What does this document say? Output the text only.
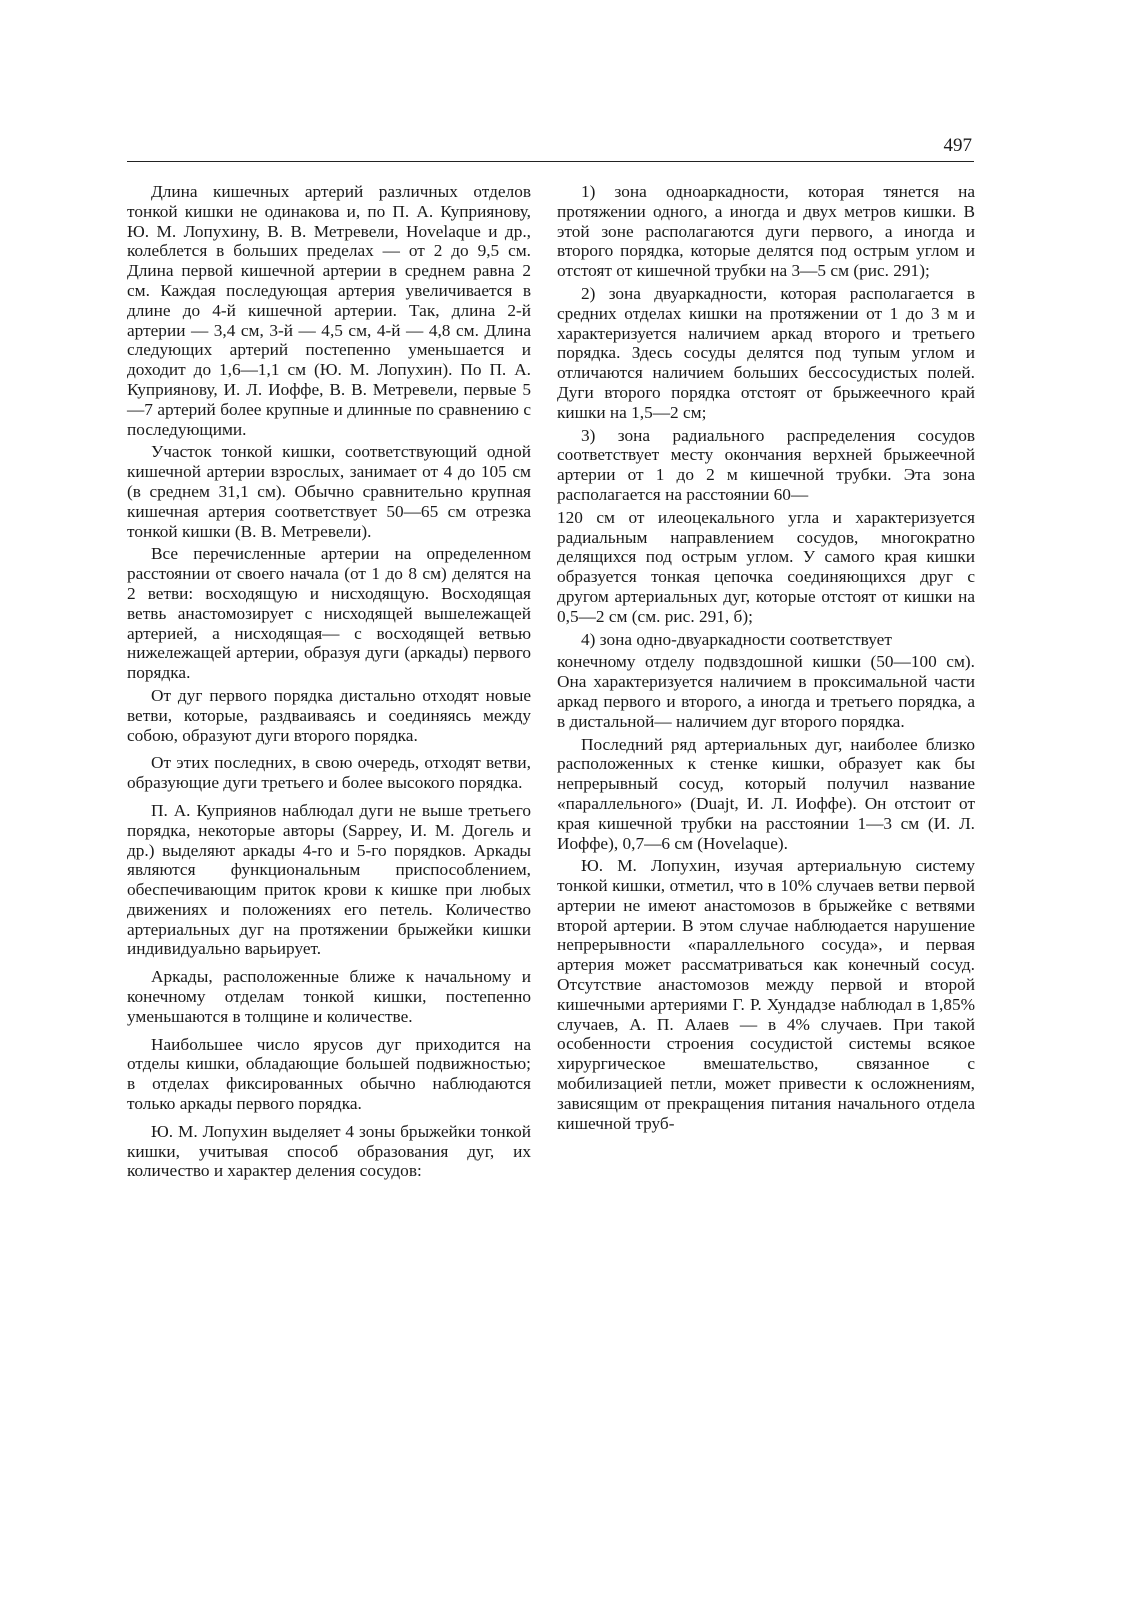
497

Длина кишечных артерий различных отделов тонкой кишки не одинакова и, по П. А. Куприянову, Ю. М. Лопухину, В. В. Метревели, Hovelaque и др., колеблется в больших пределах — от 2 до 9,5 см. Длина первой кишечной артерии в среднем равна 2 см. Каждая последующая артерия увеличивается в длине до 4-й кишечной артерии. Так, длина 2-й артерии — 3,4 см, 3-й — 4,5 см, 4-й — 4,8 см. Длина следующих артерий постепенно уменьшается и доходит до 1,6—1,1 см (Ю. М. Лопухин). По П. А. Куприянову, И. Л. Иоффе, В. В. Метревели, первые 5—7 артерий более крупные и длинные по сравнению с последующими.

Участок тонкой кишки, соответствующий одной кишечной артерии взрослых, занимает от 4 до 105 см (в среднем 31,1 см). Обычно сравнительно крупная кишечная артерия соответствует 50—65 см отрезка тонкой кишки (В. В. Метревели).

Все перечисленные артерии на определенном расстоянии от своего начала (от 1 до 8 см) делятся на 2 ветви: восходящую и нисходящую. Восходящая ветвь анастомозирует с нисходящей вышележащей артерией, а нисходящая— с восходящей ветвью нижележащей артерии, образуя дуги (аркады) первого порядка.

От дуг первого порядка дистально отходят новые ветви, которые, раздваиваясь и соединяясь между собою, образуют дуги второго порядка.

От этих последних, в свою очередь, отходят ветви, образующие дуги третьего и более высокого порядка.

П. А. Куприянов наблюдал дуги не выше третьего порядка, некоторые авторы (Sappey, И. М. Догель и др.) выделяют аркады 4-го и 5-го порядков. Аркады являются функциональным приспособлением, обеспечивающим приток крови к кишке при любых движениях и положениях его петель. Количество артериальных дуг на протяжении брыжейки кишки индивидуально варьирует.

Аркады, расположенные ближе к начальному и конечному отделам тонкой кишки, постепенно уменьшаются в толщине и количестве.

Наибольшее число ярусов дуг приходится на отделы кишки, обладающие большей подвижностью; в отделах фиксированных обычно наблюдаются только аркады первого порядка.

Ю. М. Лопухин выделяет 4 зоны брыжейки тонкой кишки, учитывая способ образования дуг, их количество и характер деления сосудов:

1) зона одноаркадности, которая тянется на протяжении одного, а иногда и двух метров кишки. В этой зоне располагаются дуги первого, а иногда и второго порядка, которые делятся под острым углом и отстоят от кишечной трубки на 3—5 см (рис. 291);

2) зона двуаркадности, которая располагается в средних отделах кишки на протяжении от 1 до 3 м и характеризуется наличием аркад второго и третьего порядка. Здесь сосуды делятся под тупым углом и отличаются наличием больших бессосудистых полей. Дуги второго порядка отстоят от брыжеечного край кишки на 1,5—2 см;

3) зона радиального распределения сосудов соответствует месту окончания верхней брыжеечной артерии от 1 до 2 м кишечной трубки. Эта зона располагается на расстоянии 60—

120 см от илеоцекального угла и характеризуется радиальным направлением сосудов, многократно делящихся под острым углом. У самого края кишки образуется тонкая цепочка соединяющихся друг с другом артериальных дуг, которые отстоят от кишки на 0,5—2 см (см. рис. 291, б);

4) зона одно-двуаркадности соответствует

конечному отделу подвздошной кишки (50—100 см). Она характеризуется наличием в проксимальной части аркад первого и второго, а иногда и третьего порядка, а в дистальной— наличием дуг второго порядка.

Последний ряд артериальных дуг, наиболее близко расположенных к стенке кишки, образует как бы непрерывный сосуд, который получил название «параллельного» (Duajt, И. Л. Иоффе). Он отстоит от края кишечной трубки на расстоянии 1—3 см (И. Л. Иоффе), 0,7—6 см (Hovelaque).

Ю. М. Лопухин, изучая артериальную систему тонкой кишки, отметил, что в 10% случаев ветви первой артерии не имеют анастомозов в брыжейке с ветвями второй артерии. В этом случае наблюдается нарушение непрерывности «параллельного сосуда», и первая артерия может рассматриваться как конечный сосуд. Отсутствие анастомозов между первой и второй кишечными артериями Г. Р. Хундадзе наблюдал в 1,85% случаев, А. П. Алаев — в 4% случаев. При такой особенности строения сосудистой системы всякое хирургическое вмешательство, связанное с мобилизацией петли, может привести к осложнениям, зависящим от прекращения питания начального отдела кишечной труб-
